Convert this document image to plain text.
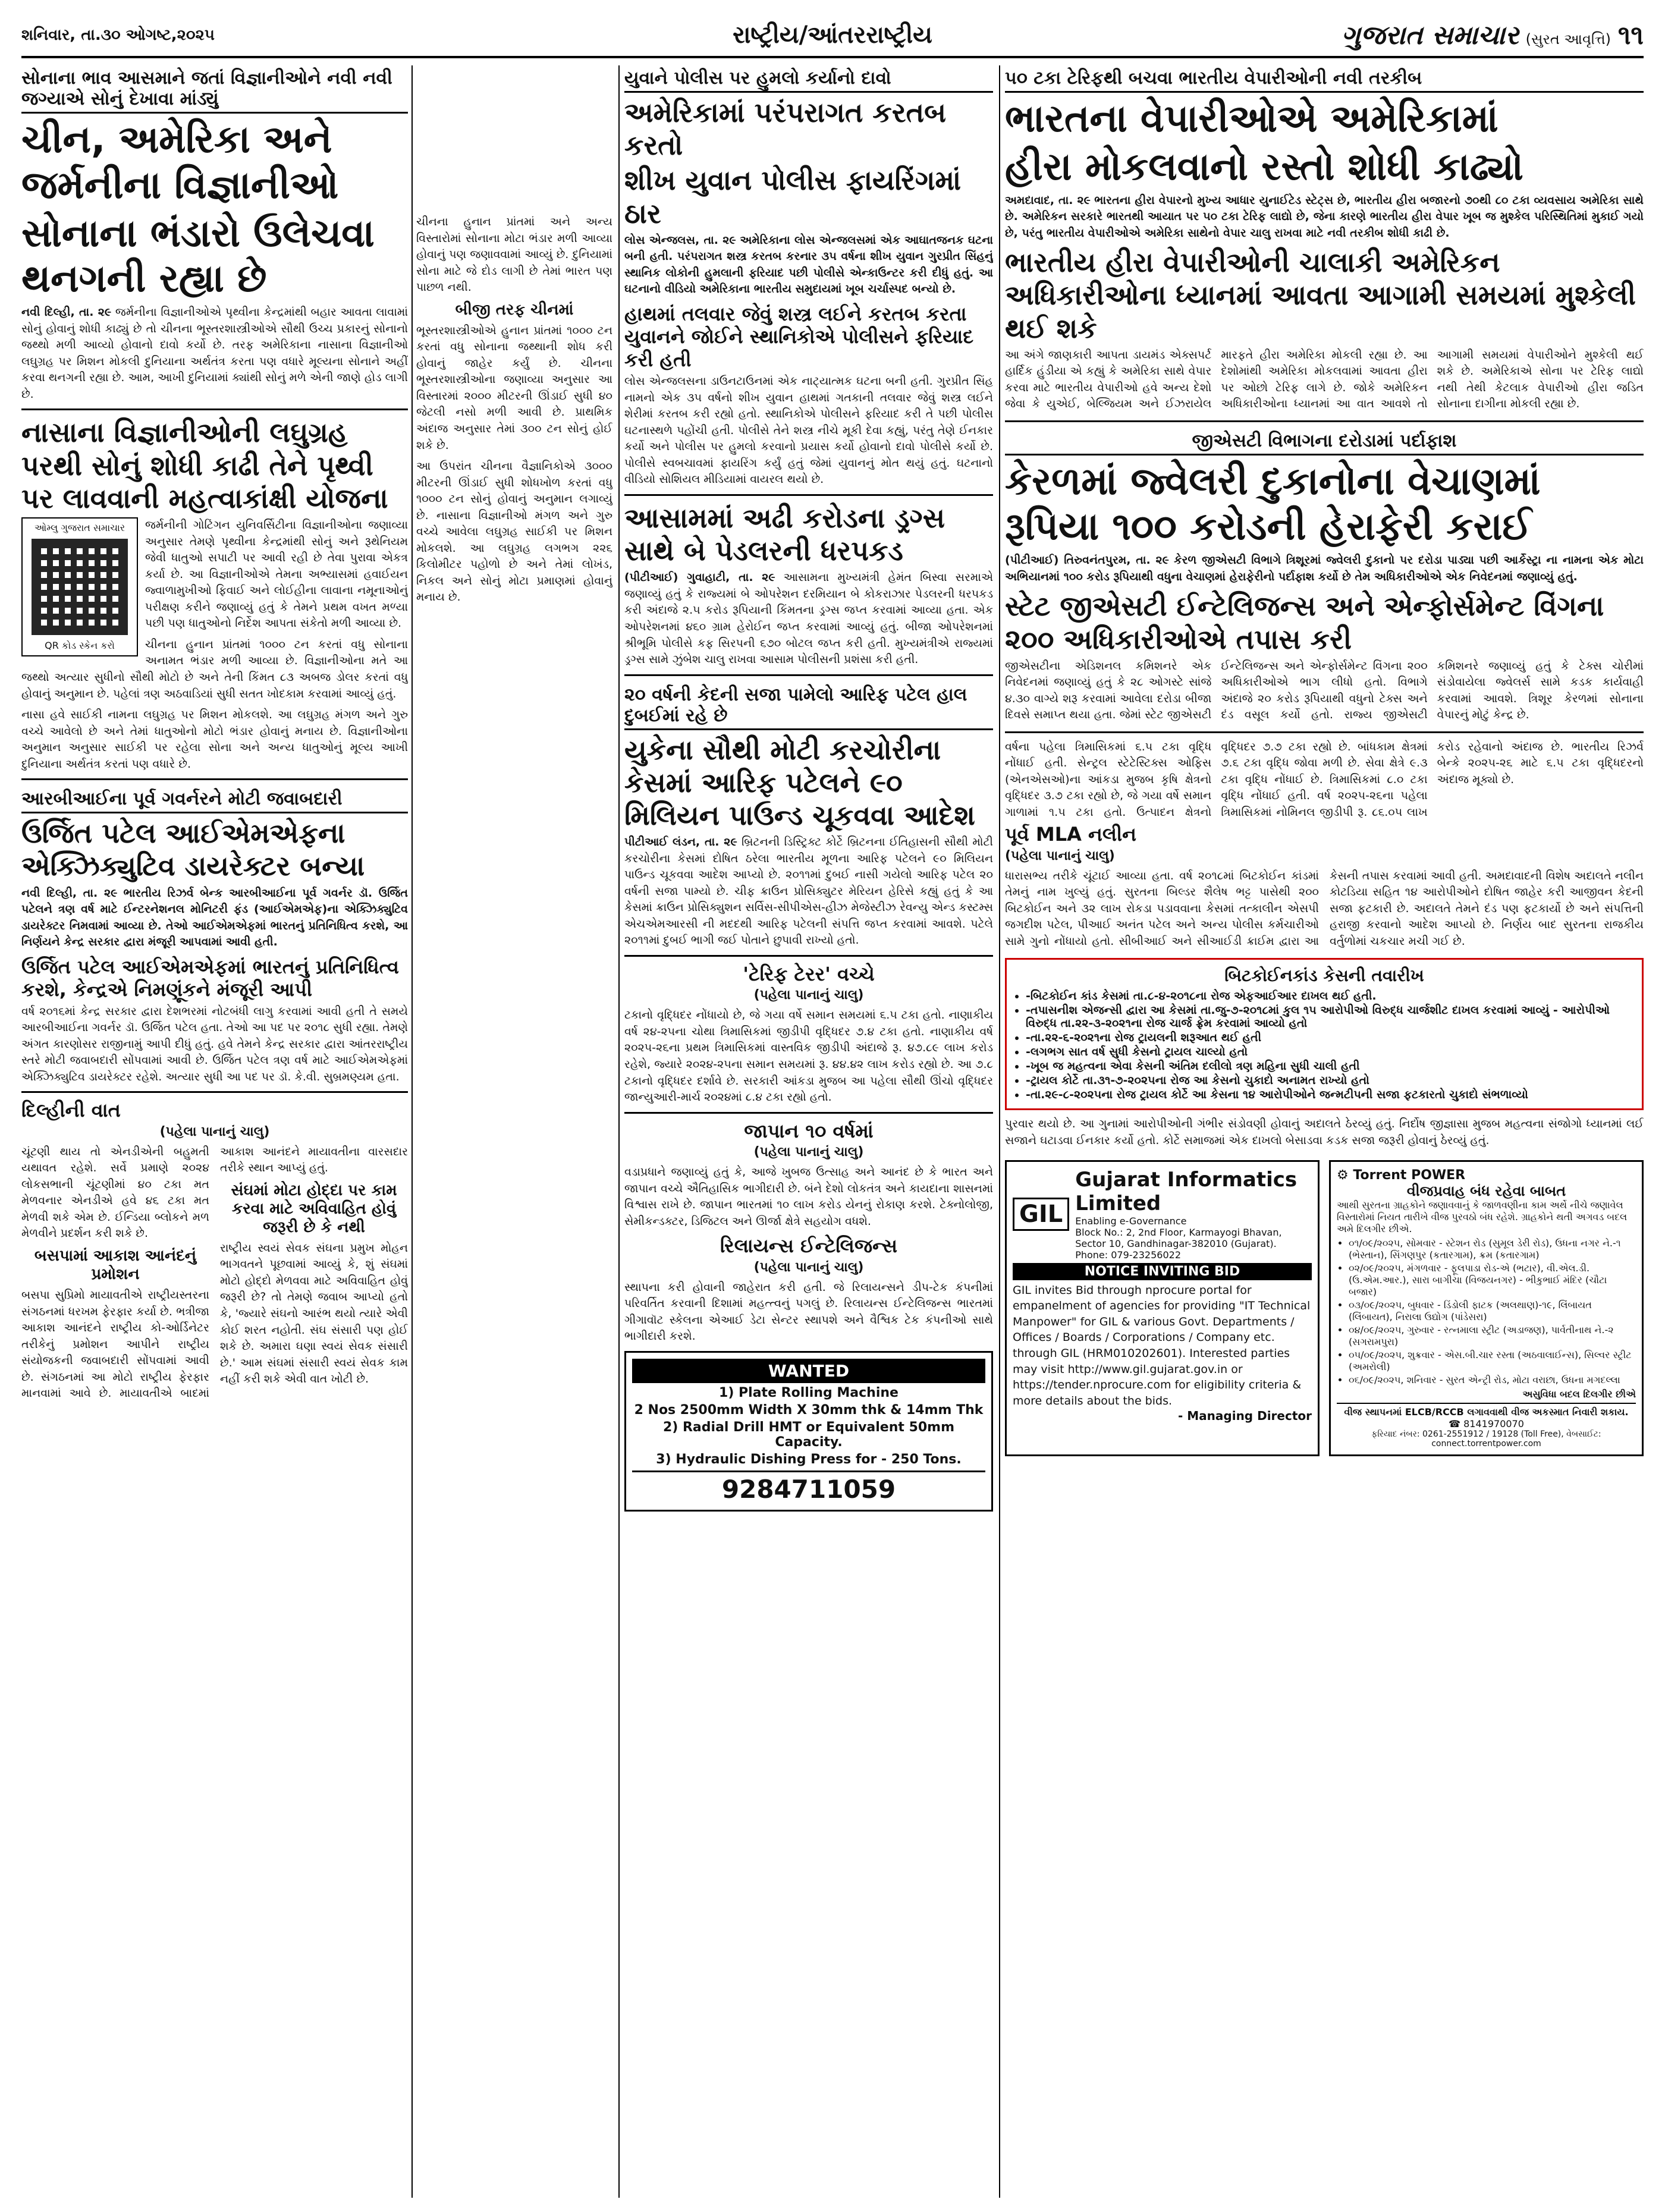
શનિવાર, તા.૩૦ ઓગષ્ટ,૨૦૨૫	રાષ્ટ્રીય/આંતરરાષ્ટ્રીય	ગુજરાત સમાચાર (સુરત આવૃત્તિ) ૧૧
સોનાના ભાવ આસમાને જતાં વિજ્ઞાનીઓને નવી નવી જગ્યાએ સોનું દેખાવા માંડ્યું
ચીન, અમેરિકા અને જર્મનીના વિજ્ઞાનીઓ
સોનાના ભંડારો ઉલેચવા થનગની રહ્યા છે

નવી દિલ્હી, તા. ૨૯ જર્મનીના વિજ્ઞાનીઓએ પૃથ્વીના કેન્દ્રમાંથી બહાર આવતા લાવામાં સોનું હોવાનું શોધી કાઢ્યું છે તો ચીનના ભૂસ્તરશાસ્ત્રીઓએ સૌથી ઉચ્ચ પ્રકારનું સોનાનો જથ્થો મળી આવ્યો હોવાનો દાવો કર્યો છે. તરફ અમેરિકાના નાસાના વિજ્ઞાનીઓ લઘુગ્રહ પર મિશન મોકલી દુનિયાના અર્થતંત્ર કરતા પણ વધારે મૂલ્યના સોનાને અહીં કરવા થનગની રહ્યા છે. આમ, આખી દુનિયામાં ક્યાંથી સોનું મળે એની જાણે હોડ લાગી છે.

નાસાના વિજ્ઞાનીઓની લઘુગ્રહ પરથી સોનું શોધી કાઢી તેને પૃથ્વી પર લાવવાની મહત્વાકાંક્ષી યોજના
ઓમ્લુ ગુજરાત સમાચાર
QR કોડ સ્કેન કરો

જર્મનીની ગોટિંગન યુનિવર્સિટીના વિજ્ઞાનીઓના જણાવ્યા અનુસાર તેમણે પૃથ્વીના કેન્દ્રમાંથી સોનું અને રૂથેનિયમ જેવી ધાતુઓ સપાટી પર આવી રહી છે તેવા પુરાવા એકત્ર કર્યા છે. આ વિજ્ઞાનીઓએ તેમના અભ્યાસમાં હવાઈયન જ્વાળામુખીઓ ફિવાઈ અને લોઈહીના લાવાના નમૂનાઓનું પરીક્ષણ કરીને જણાવ્યું હતું કે તેમને પ્રથમ વખત મળ્યા પછી પણ ધાતુઓનો નિર્દેશ આપતા સંકેતો મળી આવ્યા છે.

ચીનના હુનાન પ્રાંતમાં ૧૦૦૦ ટન કરતાં વધુ સોનાના અનામત ભંડાર મળી આવ્યા છે. વિજ્ઞાનીઓના મતે આ જથ્થો અત્યાર સુધીનો સૌથી મોટો છે અને તેની કિંમત ૮૩ અબજ ડોલર કરતાં વધુ હોવાનું અનુમાન છે. પહેલાં ત્રણ અઠવાડિયાં સુધી સતત ખોદકામ કરવામાં આવ્યું હતું.

નાસા હવે સાઈકી નામના લઘુગ્રહ પર મિશન મોકલશે. આ લઘુગ્રહ મંગળ અને ગુરુ વચ્ચે આવેલો છે અને તેમાં ધાતુઓનો મોટો ભંડાર હોવાનું મનાય છે. વિજ્ઞાનીઓના અનુમાન અનુસાર સાઈકી પર રહેલા સોના અને અન્ય ધાતુઓનું મૂલ્ય આખી દુનિયાના અર્થતંત્ર કરતાં પણ વધારે છે.

આરબીઆઈના પૂર્વ ગવર્નરને મોટી જવાબદારી
ઉર્જિત પટેલ આઈએમએફના એક્ઝિક્યુટિવ ડાયરેક્ટર બન્યા

નવી દિલ્હી, તા. ૨૯ ભારતીય રિઝર્વ બેન્ક આરબીઆઈના પૂર્વ ગવર્નર ડૉ. ઉર્જિત પટેલને ત્રણ વર્ષ માટે ઈન્ટરનેશનલ મોનિટરી ફંડ (આઈએમએફ)ના એક્ઝિક્યુટિવ ડાયરેક્ટર નિમવામાં આવ્યા છે. તેઓ આઈએમએફમાં ભારતનું પ્રતિનિધિત્વ કરશે, આ નિર્ણયને કેન્દ્ર સરકાર દ્વારા મંજૂરી આપવામાં આવી હતી.

ઉર્જિત પટેલ આઈએમએફમાં ભારતનું પ્રતિનિધિત્વ કરશે, કેન્દ્રએ નિમણૂંકને મંજૂરી આપી

વર્ષ ૨૦૧૬માં કેન્દ્ર સરકાર દ્વારા દેશભરમાં નોટબંધી લાગુ કરવામાં આવી હતી તે સમયે આરબીઆઈના ગવર્નર ડૉ. ઉર્જિત પટેલ હતા. તેઓ આ પદ પર ૨૦૧૮ સુધી રહ્યા. તેમણે અંગત કારણોસર રાજીનામું આપી દીધું હતું. હવે તેમને કેન્દ્ર સરકાર દ્વારા આંતરરાષ્ટ્રીય સ્તરે મોટી જવાબદારી સોંપવામાં આવી છે. ઉર્જિત પટેલ ત્રણ વર્ષ માટે આઈએમએફમાં એક્ઝિક્યુટિવ ડાયરેક્ટર રહેશે. અત્યાર સુધી આ પદ પર ડૉ. કે.વી. સુબ્રમણ્યમ હતા.

દિલ્હીની વાત
(પહેલા પાનાનું ચાલુ)

ચૂંટણી થાય તો એનડીએની બહુમતી યથાવત રહેશે. સર્વે પ્રમાણે ૨૦૨૪ લોકસભાની ચૂંટણીમાં ૪૦ ટકા મત મેળવનાર એનડીએ હવે ૪૬ ટકા મત મેળવી શકે એમ છે. ઈન્ડિયા બ્લોકને મળ મેળવીને પ્રદર્શન કરી શકે છે.

બસપામાં આકાશ આનંદનું પ્રમોશન

બસપા સુપ્રિમો માયાવતીએ રાષ્ટ્રીયસ્તરના સંગઠનમાં ધરખમ ફેરફાર કર્યા છે. ભત્રીજા આકાશ આનંદને રાષ્ટ્રીય કો-ઓર્ડિનેટર તરીકેનું પ્રમોશન આપીને રાષ્ટ્રીય સંયોજકની જવાબદારી સોંપવામાં આવી છે. સંગઠનમાં આ મોટો રાષ્ટ્રીય ફેરફાર માનવામાં આવે છે. માયાવતીએ બાદમાં આકાશ આનંદને માયાવતીના વારસદાર તરીકે સ્થાન આપ્યું હતું.

સંઘમાં મોટા હોદ્દા પર કામ કરવા માટે અવિવાહિત હોવું જરૂરી છે કે નથી

રાષ્ટ્રીય સ્વયં સેવક સંઘના પ્રમુખ મોહન ભાગવતને પૂછવામાં આવ્યું કે, શું સંઘમાં મોટો હોદ્દો મેળવવા માટે અવિવાહિત હોવું જરૂરી છે? તો તેમણે જવાબ આપ્યો હતો કે, 'જ્યારે સંઘનો આરંભ થયો ત્યારે એવી કોઈ શરત નહોતી. સંઘ સંસારી પણ હોઈ શકે છે. અમારા ઘણા સ્વયં સેવક સંસારી છે.' આમ સંઘમાં સંસારી સ્વયં સેવક કામ નહીં કરી શકે એવી વાત ખોટી છે.

ચીનના હુનાન પ્રાંતમાં અને અન્ય વિસ્તારોમાં સોનાના મોટા ભંડાર મળી આવ્યા હોવાનું પણ જણાવવામાં આવ્યું છે. દુનિયામાં સોના માટે જે દોડ લાગી છે તેમાં ભારત પણ પાછળ નથી.

બીજી તરફ ચીનમાં

ભૂસ્તરશાસ્ત્રીઓએ હુનાન પ્રાંતમાં ૧૦૦૦ ટન કરતાં વધુ સોનાના જથ્થાની શોધ કરી હોવાનું જાહેર કર્યું છે. ચીનના ભૂસ્તરશાસ્ત્રીઓના જણાવ્યા અનુસાર આ વિસ્તારમાં ૨૦૦૦ મીટરની ઊંડાઈ સુધી ૪૦ જેટલી નસો મળી આવી છે. પ્રાથમિક અંદાજ અનુસાર તેમાં ૩૦૦ ટન સોનું હોઈ શકે છે.

આ ઉપરાંત ચીનના વૈજ્ઞાનિકોએ ૩૦૦૦ મીટરની ઊંડાઈ સુધી શોધખોળ કરતાં વધુ ૧૦૦૦ ટન સોનું હોવાનું અનુમાન લગાવ્યું છે. નાસાના વિજ્ઞાનીઓ મંગળ અને ગુરુ વચ્ચે આવેલા લઘુગ્રહ સાઈકી પર મિશન મોકલશે. આ લઘુગ્રહ લગભગ ૨૨૬ કિલોમીટર પહોળો છે અને તેમાં લોખંડ, નિકલ અને સોનું મોટા પ્રમાણમાં હોવાનું મનાય છે.

યુવાને પોલીસ પર હુમલો કર્યાનો દાવો
અમેરિકામાં પરંપરાગત કરતબ કરતો
શીખ યુવાન પોલીસ ફાયરિંગમાં ઠાર

લોસ એન્જલસ, તા. ૨૯ અમેરિકાના લોસ એન્જલસમાં એક આઘાતજનક ઘટના બની હતી. પરંપરાગત શસ્ત્ર કરતબ કરનાર ૩૫ વર્ષના શીખ યુવાન ગુરપ્રીત સિંહનું સ્થાનિક લોકોની હુમલાની ફરિયાદ પછી પોલીસે એન્કાઉન્ટર કરી દીધું હતું. આ ઘટનાનો વીડિયો અમેરિકાના ભારતીય સમુદાયમાં ખૂબ ચર્ચાસ્પદ બન્યો છે.

હાથમાં તલવાર જેવું શસ્ત્ર લઈને કરતબ કરતા યુવાનને જોઈને સ્થાનિકોએ પોલીસને ફરિયાદ કરી હતી

લોસ એન્જલસના ડાઉનટાઉનમાં એક નાટ્યાત્મક ઘટના બની હતી. ગુરપ્રીત સિંહ નામનો એક ૩૫ વર્ષનો શીખ યુવાન હાથમાં ગતકાની તલવાર જેવું શસ્ત્ર લઈને શેરીમાં કરતબ કરી રહ્યો હતો. સ્થાનિકોએ પોલીસને ફરિયાદ કરી તે પછી પોલીસ ઘટનાસ્થળે પહોંચી હતી. પોલીસે તેને શસ્ત્ર નીચે મૂકી દેવા કહ્યું, પરંતુ તેણે ઈનકાર કર્યો અને પોલીસ પર હુમલો કરવાનો પ્રયાસ કર્યો હોવાનો દાવો પોલીસે કર્યો છે. પોલીસે સ્વબચાવમાં ફાયરિંગ કર્યું હતું જેમાં યુવાનનું મોત થયું હતું. ઘટનાનો વીડિયો સોશિયલ મીડિયામાં વાયરલ થયો છે.

આસામમાં અઢી કરોડના ડ્રગ્સ સાથે બે પેડલરની ધરપકડ

(પીટીઆઈ) ગુવાહાટી, તા. ૨૯ આસામના મુખ્યમંત્રી હેમંત બિસ્વા સરમાએ જણાવ્યું હતું કે રાજ્યમાં બે ઓપરેશન દરમિયાન બે કોકરાઝાર પેડલરની ધરપકડ કરી અંદાજે ૨.૫ કરોડ રૂપિયાની કિંમતના ડ્રગ્સ જપ્ત કરવામાં આવ્યા હતા. એક ઓપરેશનમાં ૪૬૦ ગ્રામ હેરોઈન જપ્ત કરવામાં આવ્યું હતું. બીજા ઓપરેશનમાં શ્રીભૂમિ પોલીસે કફ સિરપની ૬૭૦ બોટલ જપ્ત કરી હતી. મુખ્યમંત્રીએ રાજ્યમાં ડ્રગ્સ સામે ઝુંબેશ ચાલુ રાખવા આસામ પોલીસની પ્રશંસા કરી હતી.

૨૦ વર્ષની કેદની સજા પામેલો આરિફ પટેલ હાલ દુબઈમાં રહે છે
યુકેના સૌથી મોટી કરચોરીના કેસમાં આરિફ પટેલને ૯૦ મિલિયન પાઉન્ડ ચૂકવવા આદેશ

પીટીઆઈ લંડન, તા. ૨૯ બ્રિટનની ડિસ્ટ્રિક્ટ કોર્ટે બ્રિટનના ઈતિહાસની સૌથી મોટી કરચોરીના કેસમાં દોષિત ઠરેલા ભારતીય મૂળના આરિફ પટેલને ૯૦ મિલિયન પાઉન્ડ ચૂકવવા આદેશ આપ્યો છે. ૨૦૧૧માં દુબઈ નાસી ગયેલો આરિફ પટેલ ૨૦ વર્ષની સજા પામ્યો છે. ચીફ ક્રાઉન પ્રોસિક્યુટર મેરિયન હેરિસે કહ્યું હતું કે આ કેસમાં ક્રાઉન પ્રોસિક્યુશન સર્વિસ-સીપીએસ-હીઝ મેજેસ્ટીઝ રેવન્યુ એન્ડ કસ્ટમ્સ એચએમઆરસી ની મદદથી આરિફ પટેલની સંપત્તિ જપ્ત કરવામાં આવશે. પટેલે ૨૦૧૧માં દુબઈ ભાગી જઈ પોતાને છુપાવી રાખ્યો હતો.

'ટેરિફ ટેરર' વચ્ચે
(પહેલા પાનાનું ચાલુ)

ટકાનો વૃદ્ધિદર નોંધાયો છે, જે ગયા વર્ષે સમાન સમયમાં ૬.૫ ટકા હતો. નાણાકીય વર્ષ ૨૪-૨૫ના ચોથા ત્રિમાસિકમાં જીડીપી વૃદ્ધિદર ૭.૪ ટકા હતો. નાણાકીય વર્ષ ૨૦૨૫-૨૬ના પ્રથમ ત્રિમાસિકમાં વાસ્તવિક જીડીપી અંદાજે રૂ. ૪૭.૮૯ લાખ કરોડ રહેશે, જ્યારે ૨૦૨૪-૨૫ના સમાન સમયમાં રૂ. ૪૪.૪૨ લાખ કરોડ રહ્યો છે. આ ૭.૮ ટકાનો વૃદ્ધિદર દર્શાવે છે. સરકારી આંકડા મુજબ આ પહેલા સૌથી ઊંચો વૃદ્ધિદર જાન્યુઆરી-માર્ચ ૨૦૨૪માં ૮.૪ ટકા રહ્યો હતો.

જાપાન ૧૦ વર્ષમાં
(પહેલા પાનાનું ચાલુ)

વડાપ્રધાને જણાવ્યું હતું કે, આજે ખુબજ ઉત્સાહ અને આનંદ છે કે ભારત અને જાપાન વચ્ચે ઐતિહાસિક ભાગીદારી છે. બંને દેશો લોકતંત્ર અને કાયદાના શાસનમાં વિશ્વાસ રાખે છે. જાપાન ભારતમાં ૧૦ લાખ કરોડ યેનનું રોકાણ કરશે. ટેક્નોલોજી, સેમીકન્ડક્ટર, ડિજિટલ અને ઊર્જા ક્ષેત્રે સહયોગ વધશે.

રિલાયન્સ ઈન્ટેલિજન્સ
(પહેલા પાનાનું ચાલુ)

સ્થાપના કરી હોવાની જાહેરાત કરી હતી. જે રિલાયન્સને ડીપ-ટેક કંપનીમાં પરિવર્તિત કરવાની દિશામાં મહત્ત્વનું પગલું છે. રિલાયન્સ ઈન્ટેલિજન્સ ભારતમાં ગીગાવૉટ સ્કેલના એઆઈ ડેટા સેન્ટર સ્થાપશે અને વૈશ્વિક ટેક કંપનીઓ સાથે ભાગીદારી કરશે.

WANTED
1) Plate Rolling Machine
2 Nos 2500mm Width X 30mm thk & 14mm Thk
2) Radial Drill HMT or Equivalent 50mm Capacity.
3) Hydraulic Dishing Press for - 250 Tons.
9284711059
૫૦ ટકા ટેરિફથી બચવા ભારતીય વેપારીઓની નવી તરકીબ
ભારતના વેપારીઓએ અમેરિકામાં
હીરા મોકલવાનો રસ્તો શોધી કાઢ્યો

અમદાવાદ, તા. ૨૯ ભારતના હીરા વેપારનો મુખ્ય આધાર યુનાઈટેડ સ્ટેટ્સ છે, ભારતીય હીરા બજારનો ૭૦થી ૮૦ ટકા વ્યવસાય અમેરિકા સાથે છે. અમેરિકન સરકારે ભારતથી આયાત પર ૫૦ ટકા ટેરિફ લાદ્યો છે, જેના કારણે ભારતીય હીરા વેપાર ખૂબ જ મુશ્કેલ પરિસ્થિતિમાં મુકાઈ ગયો છે, પરંતુ ભારતીય વેપારીઓએ અમેરિકા સાથેનો વેપાર ચાલુ રાખવા માટે નવી તરકીબ શોધી કાઢી છે.

ભારતીય હીરા વેપારીઓની ચાલાકી અમેરિકન અધિકારીઓના ધ્યાનમાં આવતા આગામી સમયમાં મુશ્કેલી થઈ શકે

આ અંગે જાણકારી આપતા ડાયમંડ એક્સપર્ટ હાર્દિક હુંડીયા એ કહ્યું કે અમેરિકા સાથે વેપાર કરવા માટે ભારતીય વેપારીઓ હવે અન્ય દેશો જેવા કે યુએઈ, બેલ્જિયમ અને ઈઝરાયેલ મારફતે હીરા અમેરિકા મોકલી રહ્યા છે. આ દેશોમાંથી અમેરિકા મોકલવામાં આવતા હીરા પર ઓછો ટેરિફ લાગે છે. જોકે અમેરિકન અધિકારીઓના ધ્યાનમાં આ વાત આવશે તો આગામી સમયમાં વેપારીઓને મુશ્કેલી થઈ શકે છે. અમેરિકાએ સોના પર ટેરિફ લાદ્યો નથી તેથી કેટલાક વેપારીઓ હીરા જડિત સોનાના દાગીના મોકલી રહ્યા છે.

જીએસટી વિભાગના દરોડામાં પર્દાફાશ
કેરળમાં જ્વેલરી દુકાનોના વેચાણમાં રૂપિયા ૧૦૦ કરોડની હેરાફેરી કરાઈ

(પીટીઆઈ) તિરુવનંતપુરમ, તા. ૨૯ કેરળ જીએસટી વિભાગે ત્રિશૂરમાં જ્વેલરી દુકાનો પર દરોડા પાડ્યા પછી આર્કેસ્ટ્રા ના નામના એક મોટા અભિયાનમાં ૧૦૦ કરોડ રૂપિયાથી વધુના વેચાણમાં હેરાફેરીનો પર્દાફાશ કર્યો છે તેમ અધિકારીઓએ એક નિવેદનમાં જણાવ્યું હતું.

સ્ટેટ જીએસટી ઈન્ટેલિજન્સ અને એન્ફોર્સમેન્ટ વિંગના ૨૦૦ અધિકારીઓએ તપાસ કરી

જીએસટીના એડિશનલ કમિશનરે એક નિવેદનમાં જણાવ્યું હતું કે ૨૮ ઓગસ્ટે સાંજે ૪.૩૦ વાગ્યે શરૂ કરવામાં આવેલા દરોડા બીજા દિવસે સમાપ્ત થયા હતા. જેમાં સ્ટેટ જીએસટી ઈન્ટેલિજન્સ અને એન્ફોર્સમેન્ટ વિંગના ૨૦૦ અધિકારીઓએ ભાગ લીધો હતો. વિભાગે અંદાજે ૨૦ કરોડ રૂપિયાથી વધુનો ટેક્સ અને દંડ વસૂલ કર્યો હતો. રાજ્ય જીએસટી કમિશનરે જણાવ્યું હતું કે ટેક્સ ચોરીમાં સંડોવાયેલા જ્વેલર્સ સામે કડક કાર્યવાહી કરવામાં આવશે. ત્રિશૂર કેરળમાં સોનાના વેપારનું મોટું કેન્દ્ર છે.

વર્ષના પહેલા ત્રિમાસિકમાં ૬.૫ ટકા વૃદ્ધિ નોંધાઈ હતી. સેન્ટ્રલ સ્ટેટેસ્ટિક્સ ઓફિસ (એનએસઓ)ના આંકડા મુજબ કૃષિ ક્ષેત્રનો વૃદ્ધિદર ૩.૭ ટકા રહ્યો છે, જે ગયા વર્ષે સમાન ગાળામાં ૧.૫ ટકા હતો. ઉત્પાદન ક્ષેત્રનો વૃદ્ધિદર ૭.૭ ટકા રહ્યો છે. બાંધકામ ક્ષેત્રમાં ૭.૬ ટકા વૃદ્ધિ જોવા મળી છે. સેવા ક્ષેત્રે ૯.૩ ટકા વૃદ્ધિ નોંધાઈ છે. ત્રિમાસિકમાં ૮.૦ ટકા વૃદ્ધિ નોંધાઈ હતી. વર્ષ ૨૦૨૫-૨૬ના પહેલા ત્રિમાસિકમાં નોમિનલ જીડીપી રૂ. ૮૬.૦૫ લાખ કરોડ રહેવાનો અંદાજ છે. ભારતીય રિઝર્વ બેન્કે ૨૦૨૫-૨૬ માટે ૬.૫ ટકા વૃદ્ધિદરનો અંદાજ મૂક્યો છે.

પૂર્વ MLA નલીન
(પહેલા પાનાનું ચાલુ)

ધારાસભ્ય તરીકે ચૂંટાઈ આવ્યા હતા. વર્ષ ૨૦૧૮માં બિટકોઈન કાંડમાં તેમનું નામ ખુલ્યું હતું. સુરતના બિલ્ડર શૈલેષ ભટ્ટ પાસેથી ૨૦૦ બિટકોઈન અને ૩૨ લાખ રોકડા પડાવવાના કેસમાં તત્કાલીન એસપી જગદીશ પટેલ, પીઆઈ અનંત પટેલ અને અન્ય પોલીસ કર્મચારીઓ સામે ગુનો નોંધાયો હતો. સીબીઆઈ અને સીઆઈડી ક્રાઈમ દ્વારા આ કેસની તપાસ કરવામાં આવી હતી. અમદાવાદની વિશેષ અદાલતે નલીન કોટડિયા સહિત ૧૪ આરોપીઓને દોષિત જાહેર કરી આજીવન કેદની સજા ફટકારી છે. અદાલતે તેમને દંડ પણ ફટકાર્યો છે અને સંપત્તિની હરાજી કરવાનો આદેશ આપ્યો છે. નિર્ણય બાદ સુરતના રાજકીય વર્તુળોમાં ચકચાર મચી ગઈ છે.

બિટકોઈનકાંડ કેસની તવારીખ
• -બિટકોઈન કાંડ કેસમાં તા.૮-૪-૨૦૧૮ના રોજ એફઆઈઆર દાખલ થઈ હતી.
• -તપાસનીશ એજન્સી દ્વારા આ કેસમાં તા.જુ-૭-૨૦૧૮માં કુલ ૧૫ આરોપીઓ વિરુદ્ધ ચાર્જશીટ દાખલ કરવામાં આવ્યું - આરોપીઓ વિરુદ્ધ તા.૨૨-૩-૨૦૨૧ના રોજ ચાર્જ ફ્રેમ કરવામાં આવ્યો હતો
• -તા.૨૨-૬-૨૦૨૧ના રોજ ટ્રાયલની શરૂઆત થઈ હતી
• -લગભગ સાત વર્ષ સુધી કેસનો ટ્રાયલ ચાલ્યો હતો
• -ખૂબ જ મહત્વના એવા કેસની અંતિમ દલીલો ત્રણ મહિના સુધી ચાલી હતી
• -ટ્રાયલ કોર્ટે તા.૩૧-૭-૨૦૨૫ના રોજ આ કેસનો ચુકાદો અનામત રાખ્યો હતો
• -તા.૨૯-૮-૨૦૨૫ના રોજ ટ્રાયલ કોર્ટે આ કેસના ૧૪ આરોપીઓને જન્મટીપની સજા ફટકારતો ચુકાદો સંભળાવ્યો

પુરવાર થયો છે. આ ગુનામાં આરોપીઓની ગંભીર સંડોવણી હોવાનું અદાલતે ઠેરવ્યું હતું. નિર્દોષ જીજ્ઞાસા મુજબ મહત્વના સંજોગો ધ્યાનમાં લઈ સજાને ઘટાડવા ઈનકાર કર્યો હતો. કોર્ટે સમાજમાં એક દાખલો બેસાડવા કડક સજા જરૂરી હોવાનું ઠેરવ્યું હતું.

GIL
Gujarat Informatics Limited
Enabling e-Governance
Block No.: 2, 2nd Floor, Karmayogi Bhavan, Sector 10, Gandhinagar-382010 (Gujarat). Phone: 079-23256022
NOTICE INVITING BID
GIL invites Bid through nprocure portal for empanelment of agencies for providing "IT Technical Manpower" for GIL & various Govt. Departments / Offices / Boards / Corporations / Company etc. through GIL (HRM010202601). Interested parties may visit http://www.gil.gujarat.gov.in or https://tender.nprocure.com for eligibility criteria & more details about the bids.
- Managing Director
⚙ Torrent POWER
વીજપ્રવાહ બંધ રહેવા બાબત
આથી સુરતના ગ્રાહકોને જણાવવાનું કે જાળવણીના કામ અર્થે નીચે જણાવેલ વિસ્તારોમાં નિયત તારીખે વીજ પુરવઠો બંધ રહેશે. ગ્રાહકોને થતી અગવડ બદલ અમે દિલગીર છીએ.
• ૦૧/૦૯/૨૦૨૫, સોમવાર - સ્ટેશન રોડ (સુમૂલ ડેરી રોડ), ઉધના નગર ને.-૧ (ભેસ્તાન), સિંગણપુર (કતારગામ), ક્રમ (કતારગામ)
• ૦૨/૦૯/૨૦૨૫, મંગળવાર - ફૂલપાડા રોડ-એ (ભટાર), વી.એલ.ડી. (ઉ.એમ.આર.), સારા બાગીચા (વિજયનગર) - ભીકુભાઈ મંદિર (ચૌટા બજાર)
• ૦૩/૦૯/૨૦૨૫, બુધવાર - ડિંડોલી ફાટક (અલથાણ)-૧૯, લિંબાયત (લિંબાયત), નિરાલા ઉદ્યોગ (પાંડેસરા)
• ૦૪/૦૯/૨૦૨૫, ગુરુવાર - રત્નમાલા સ્ટ્રીટ (અડાજણ), પાર્વતીનાથ ને.-૨ (સગરામપુરા)
• ૦૫/૦૯/૨૦૨૫, શુક્રવાર - એસ.બી.ચાર રસ્તા (અઠવાલાઈન્સ), સિલ્વર સ્ટ્રીટ (અમરોલી)
• ૦૬/૦૯/૨૦૨૫, શનિવાર - સુરત એન્ટ્રી રોડ, મોટા વરાછા, ઉધના મગદલ્લા
અસુવિધા બદલ દિલગીર છીએ
વીજ સ્થાપનમાં ELCB/RCCB લગાવવાથી વીજ અકસ્માત નિવારી શકાય.
☎ 8141970070
ફરિયાદ નંબર: 0261-2551912 / 19128 (Toll Free), વેબસાઈટ: connect.torrentpower.com
